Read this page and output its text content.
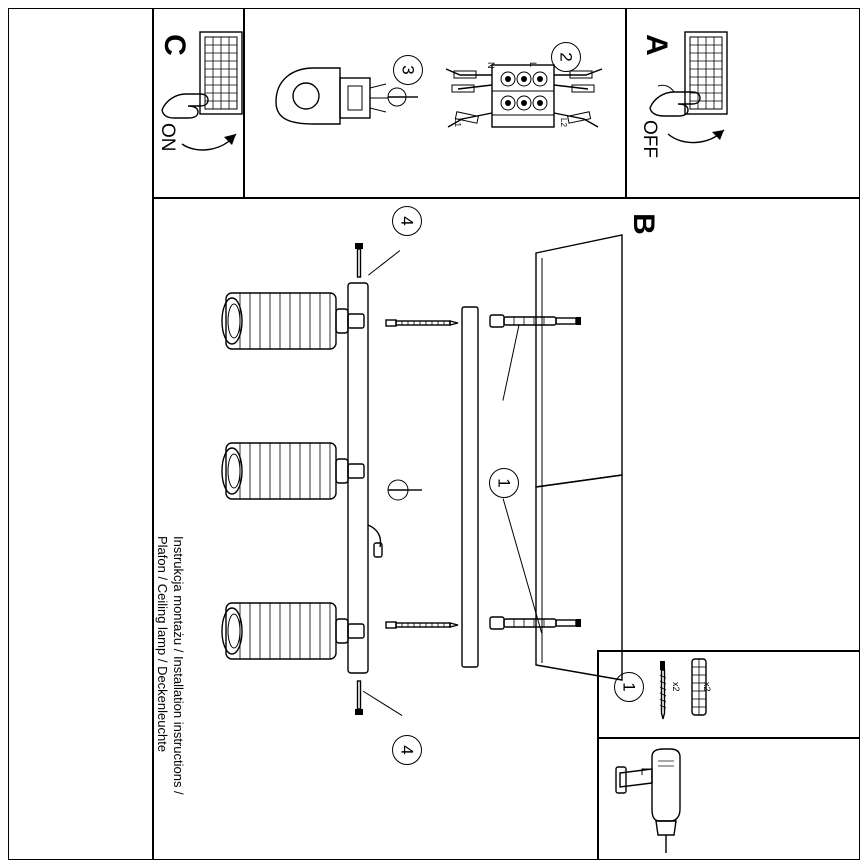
Instrukcja montażu / Installation instructions /
Plafon / Ceiling lamp / Deckenleuchte
A
OFF
2
N	L
L1	L2
3
C
ON
B
4
4
1
1	x2 x2
